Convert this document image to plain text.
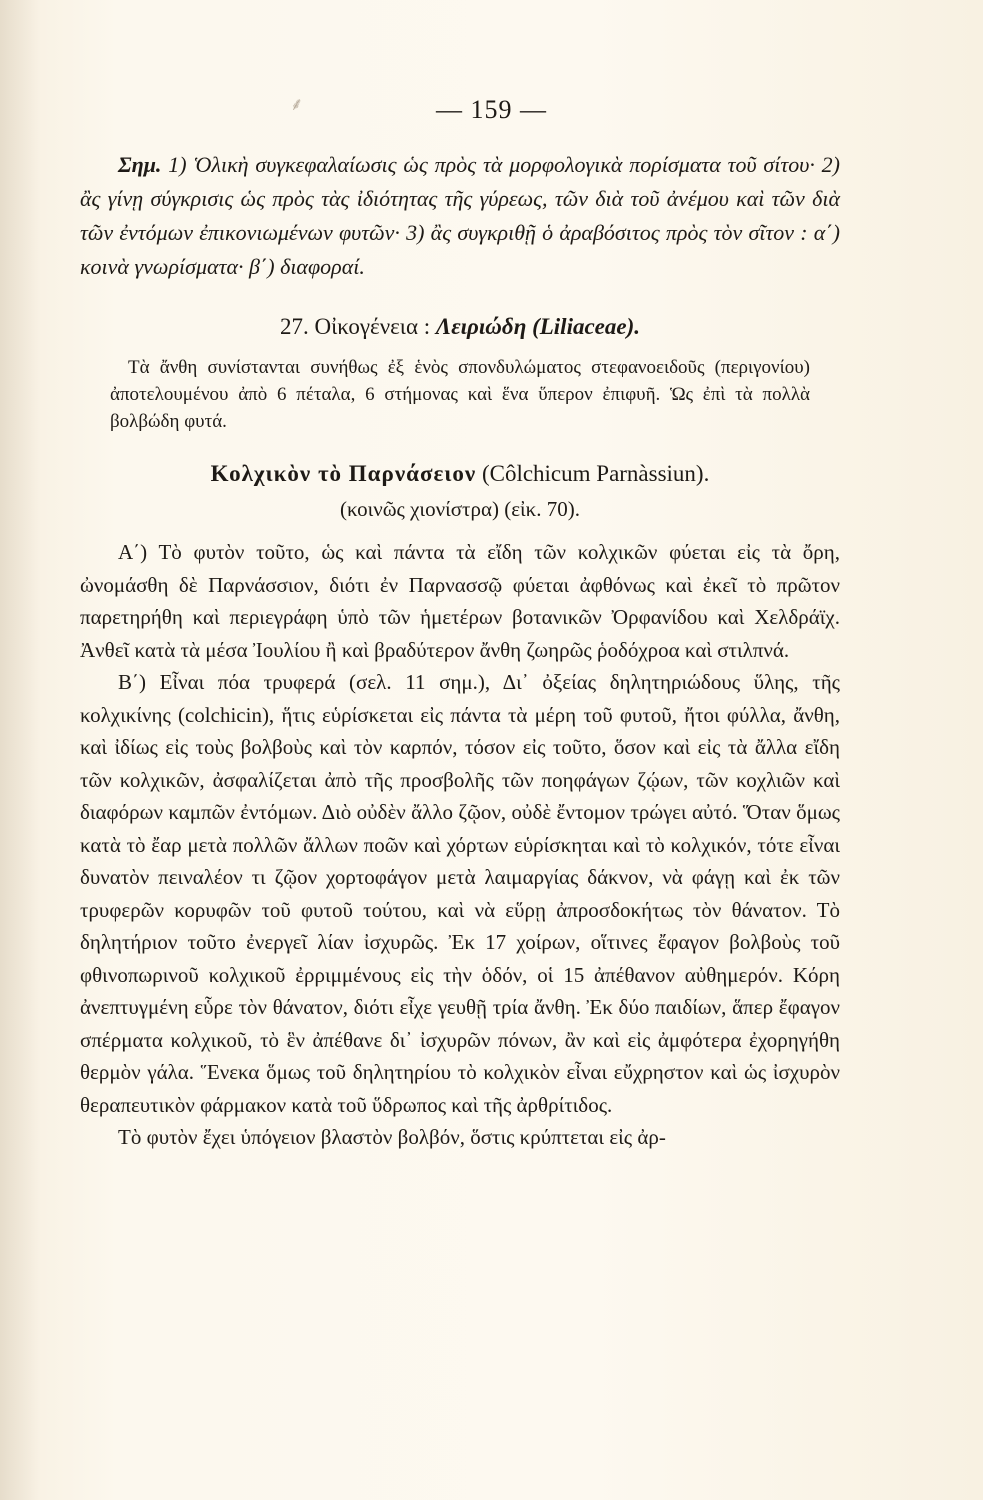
⸙	— 159 —
Σημ. 1) Ὁλικὴ συγκεφαλαίωσις ὡς πρὸς τὰ μορφολογικὰ πορίσματα τοῦ σίτου· 2) ἂς γίνῃ σύγκρισις ὡς πρὸς τὰς ἰδιότητας τῆς γύρεως, τῶν διὰ τοῦ ἀνέμου καὶ τῶν διὰ τῶν ἐντόμων ἐπικονιωμένων φυτῶν· 3) ἂς συγκριθῇ ὁ ἀραβόσιτος πρὸς τὸν σῖτον : α΄) κοινὰ γνωρίσματα· β΄) διαφοραί.
27. Οἰκογένεια : Λειριώδη (Liliaceae).
Τὰ ἄνθη συνίστανται συνήθως ἐξ ἑνὸς σπονδυλώματος στεφανοειδοῦς (περιγονίου) ἀποτελουμένου ἀπὸ 6 πέταλα, 6 στήμονας καὶ ἕνα ὕπερον ἐπιφυῆ. Ὡς ἐπὶ τὰ πολλὰ βολβώδη φυτά.
Κολχικὸν τὸ Παρνάσειον (Côlchicum Parnàssiun).
(κοινῶς χιονίστρα) (εἰκ. 70).

Α΄) Τὸ φυτὸν τοῦτο, ὡς καὶ πάντα τὰ εἴδη τῶν κολχικῶν φύεται εἰς τὰ ὄρη, ὠνομάσθη δὲ Παρνάσσιον, διότι ἐν Παρνασσῷ φύεται ἀφθόνως καὶ ἐκεῖ τὸ πρῶτον παρετηρήθη καὶ περιεγράφη ὑπὸ τῶν ἡμετέρων βοτανικῶν Ὀρφανίδου καὶ Χελδράϊχ. Ἀνθεῖ κατὰ τὰ μέσα Ἰουλίου ἢ καὶ βραδύτερον ἄνθη ζωηρῶς ῥοδόχροα καὶ στιλπνά.

Β΄) Εἶναι πόα τρυφερά (σελ. 11 σημ.), Δι᾿ ὀξείας δηλητηριώδους ὕλης, τῆς κολχικίνης (colchicin), ἥτις εὑρίσκεται εἰς πάντα τὰ μέρη τοῦ φυτοῦ, ἤτοι φύλλα, ἄνθη, καὶ ἰδίως εἰς τοὺς βολβοὺς καὶ τὸν καρπόν, τόσον εἰς τοῦτο, ὅσον καὶ εἰς τὰ ἄλλα εἴδη τῶν κολχικῶν, ἀσφαλίζεται ἀπὸ τῆς προσβολῆς τῶν ποηφάγων ζῴων, τῶν κοχλιῶν καὶ διαφόρων καμπῶν ἐντόμων. Διὸ οὐδὲν ἄλλο ζῷον, οὐδὲ ἔντομον τρώγει αὐτό. Ὅταν ὅμως κατὰ τὸ ἔαρ μετὰ πολλῶν ἄλλων ποῶν καὶ χόρτων εὑρίσκηται καὶ τὸ κολχικόν, τότε εἶναι δυνατὸν πειναλέον τι ζῷον χορτοφάγον μετὰ λαιμαργίας δάκνον, νὰ φάγῃ καὶ ἐκ τῶν τρυφερῶν κορυφῶν τοῦ φυτοῦ τούτου, καὶ νὰ εὕρῃ ἀπροσδοκήτως τὸν θάνατον. Τὸ δηλητήριον τοῦτο ἐνεργεῖ λίαν ἰσχυρῶς. Ἐκ 17 χοίρων, οἵτινες ἔφαγον βολβοὺς τοῦ φθινοπωρινοῦ κολχικοῦ ἐρριμμένους εἰς τὴν ὁδόν, οἱ 15 ἀπέθανον αὐθημερόν. Κόρη ἀνεπτυγμένη εὗρε τὸν θάνατον, διότι εἶχε γευθῇ τρία ἄνθη. Ἐκ δύο παιδίων, ἅπερ ἔφαγον σπέρματα κολχικοῦ, τὸ ἓν ἀπέθανε δι᾿ ἰσχυρῶν πόνων, ἂν καὶ εἰς ἀμφότερα ἐχορηγήθη θερμὸν γάλα. Ἕνεκα ὅμως τοῦ δηλητηρίου τὸ κολχικὸν εἶναι εὔχρηστον καὶ ὡς ἰσχυρὸν θεραπευτικὸν φάρμακον κατὰ τοῦ ὕδρωπος καὶ τῆς ἀρθρίτιδος.

Τὸ φυτὸν ἔχει ὑπόγειον βλαστὸν βολβόν, ὅστις κρύπτεται εἰς ἀρ-
